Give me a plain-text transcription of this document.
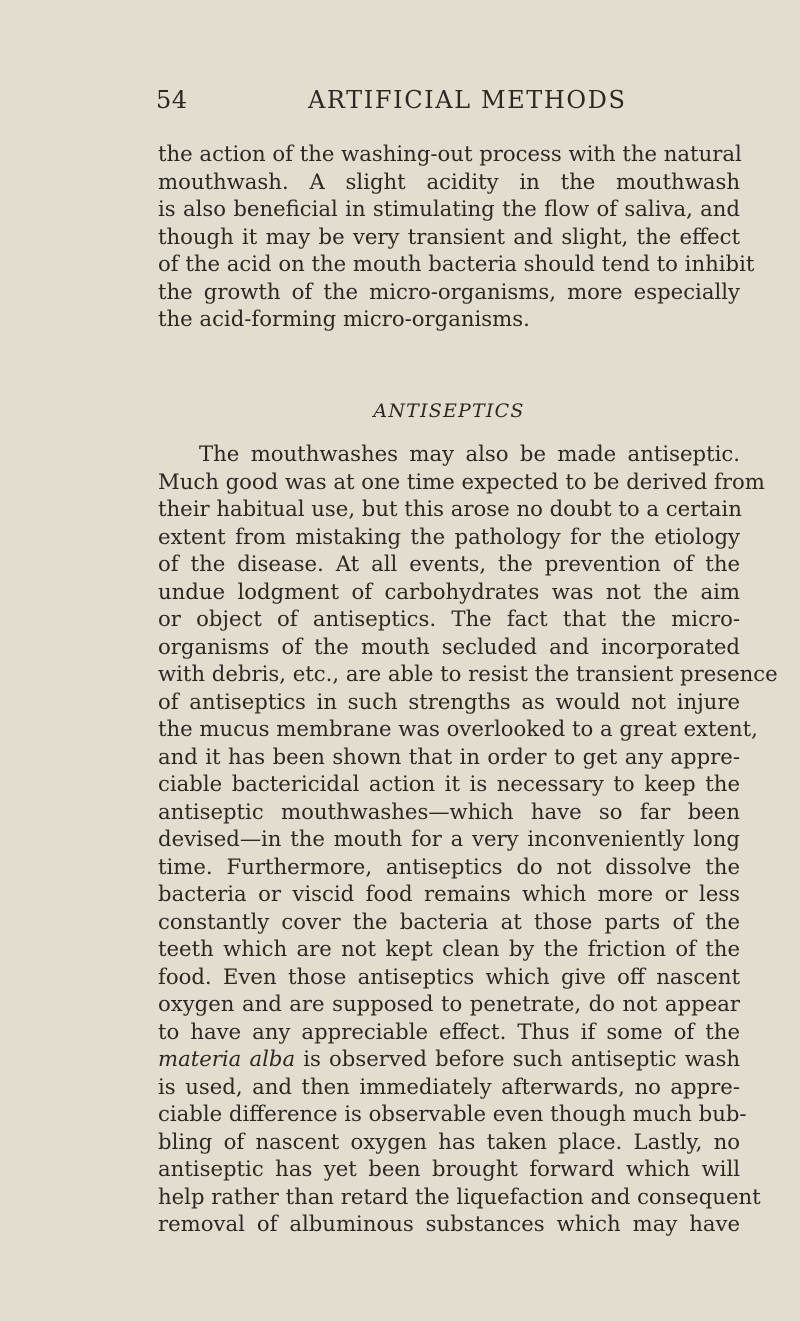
54	ARTIFICIAL METHODS

the action of the washing-out process with the natural
mouthwash. A slight acidity in the mouthwash
is also beneficial in stimulating the flow of saliva, and
though it may be very transient and slight, the effect
of the acid on the mouth bacteria should tend to inhibit
the growth of the micro-organisms, more especially
the acid-forming micro-organisms.

ANTISEPTICS

The mouthwashes may also be made antiseptic.
Much good was at one time expected to be derived from
their habitual use, but this arose no doubt to a certain
extent from mistaking the pathology for the etiology
of the disease. At all events, the prevention of the
undue lodgment of carbohydrates was not the aim
or object of antiseptics. The fact that the micro-
organisms of the mouth secluded and incorporated
with debris, etc., are able to resist the transient presence
of antiseptics in such strengths as would not injure
the mucus membrane was overlooked to a great extent,
and it has been shown that in order to get any appre-
ciable bactericidal action it is necessary to keep the
antiseptic mouthwashes—which have so far been
devised—in the mouth for a very inconveniently long
time. Furthermore, antiseptics do not dissolve the
bacteria or viscid food remains which more or less
constantly cover the bacteria at those parts of the
teeth which are not kept clean by the friction of the
food. Even those antiseptics which give off nascent
oxygen and are supposed to penetrate, do not appear
to have any appreciable effect. Thus if some of the
materia alba is observed before such antiseptic wash
is used, and then immediately afterwards, no appre-
ciable difference is observable even though much bub-
bling of nascent oxygen has taken place. Lastly, no
antiseptic has yet been brought forward which will
help rather than retard the liquefaction and consequent
removal of albuminous substances which may have
